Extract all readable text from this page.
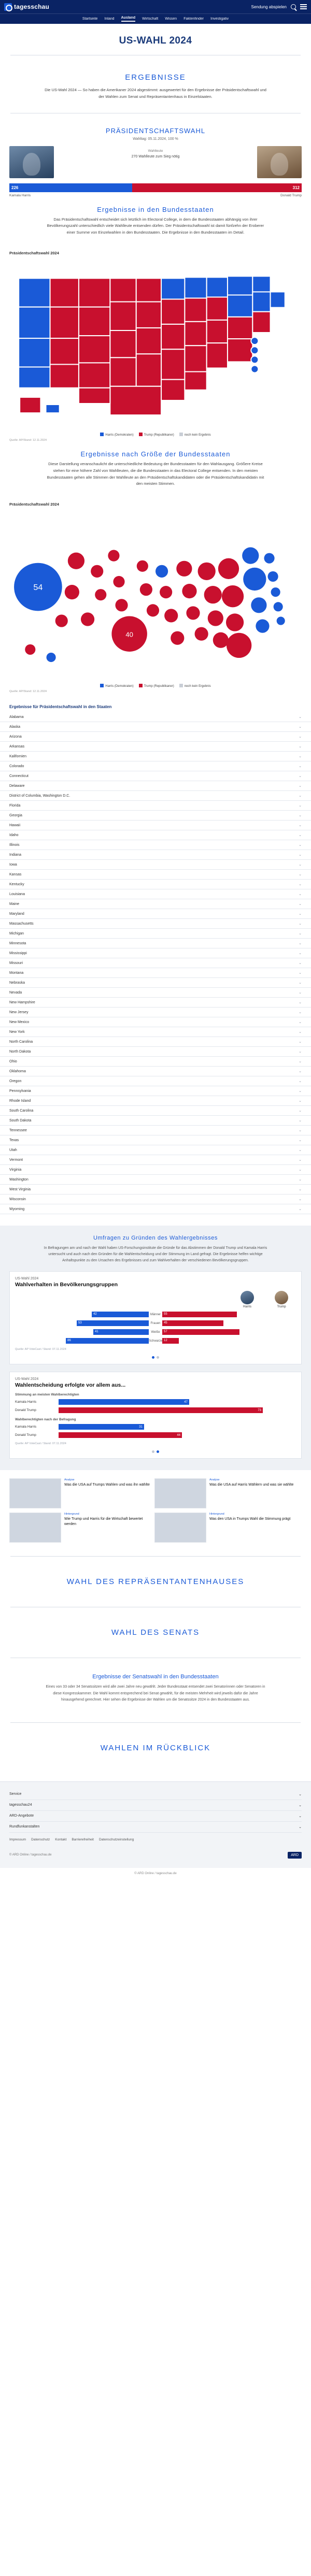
tagesschau	Sendung abspielen
Startseite Inland Ausland Wirtschaft Wissen Faktenfinder Investigativ
US-WAHL 2024
ERGEBNISSE

Die US-Wahl 2024 — So haben die Amerikaner 2024 abgestimmt: ausgewertet für den Ergebnisse der Präsidentschaftswahl und der Wahlen zum Senat und Repräsentantenhaus in Einzelstaaten.

PRÄSIDENTSCHAFTSWAHL
Wahltag: 05.11.2024, 100 %
Wahlleute
270 Wahlleute zum Sieg nötig
226	312
Kamala Harris	Donald Trump
Ergebnisse in den Bundesstaaten

Das Präsidentschaftswahl entscheidet sich letztlich im Electoral College, in dem die Bundesstaaten abhängig von ihrer Bevölkerungszahl unterschiedlich viele Wahlleute entsenden dürfen. Der Präsidentschaftswahl ist damit fünfzehn der Eroberer einer Summe von Einzelwahlen in den Bundesstaaten. Die Ergebnisse in den Bundesstaaten im Detail.

Präsidentschaftswahl 2024
Harris (Demokraten)	Trump (Republikaner)	noch kein Ergebnis
Quelle: AP/Stand: 12.11.2024
Ergebnisse nach Größe der Bundesstaaten

Diese Darstellung veranschaulicht die unterschiedliche Bedeutung der Bundesstaaten für den Wahlausgang. Größere Kreise stehen für eine höhere Zahl von Wahlleuten, die die Bundesstaaten in das Electoral College entsenden. In den meisten Bundesstaaten gehen alle Stimmen der Wahlleute an den Präsidentschaftskandidaten oder die Präsidentschaftskandidatin mit den meisten Stimmen.

Präsidentschaftswahl 2024
54
40
Harris (Demokraten)	Trump (Republikaner)	noch kein Ergebnis
Quelle: AP/Stand: 12.11.2024
Ergebnisse für Präsidentschaftswahl in den Staaten
Alabama	⌄
Alaska	⌄
Arizona	⌄
Arkansas	⌄
Kalifornien	⌄
Colorado	⌄
Connecticut	⌄
Delaware	⌄
District of Columbia, Washington D.C.	⌄
Florida	⌄
Georgia	⌄
Hawaii	⌄
Idaho	⌄
Illinois	⌄
Indiana	⌄
Iowa	⌄
Kansas	⌄
Kentucky	⌄
Louisiana	⌄
Maine	⌄
Maryland	⌄
Massachusetts	⌄
Michigan	⌄
Minnesota	⌄
Mississippi	⌄
Missouri	⌄
Montana	⌄
Nebraska	⌄
Nevada	⌄
New Hampshire	⌄
New Jersey	⌄
New Mexico	⌄
New York	⌄
North Carolina	⌄
North Dakota	⌄
Ohio	⌄
Oklahoma	⌄
Oregon	⌄
Pennsylvania	⌄
Rhode Island	⌄
South Carolina	⌄
South Dakota	⌄
Tennessee	⌄
Texas	⌄
Utah	⌄
Vermont	⌄
Virginia	⌄
Washington	⌄
West Virginia	⌄
Wisconsin	⌄
Wyoming	⌄
Umfragen zu Gründen des Wahlergebnisses
In Befragungen am und nach der Wahl haben US-Forschungsinstitute die Gründe für das Abstimmen der Donald Trump und Kamala Harris untersucht und auch nach den Gründen für die Wahlentscheidung und der Stimmung im Land gefragt. Die Ergebnisse helfen wichtige Anhaltspunkte zu den Ursachen des Ergebnisses und zum Wahlverhalten der verschiedenen Bevölkerungsgruppen.
US-Wahl 2024
Wahlverhalten in Bevölkerungsgruppen
Harris	Trump
42	Männer 55
53	Frauen	45
41	Weiße	57
86	Schwarze 12
Quelle: AP VoteCast / Stand: 07.11.2024
US-Wahl 2024
Wahlentscheidung erfolgte vor allem aus...
Stimmung an meisten Wahlberechtigten
Kamala Harris	47
Donald Trump	73
Wahlberechtigten nach der Befragung
Kamala Harris	31
Donald Trump	44
Quelle: AP VoteCast / Stand: 07.11.2024
Analyse
Was die USA auf Trumps Wahlen und was ihn wählte
Analyse
Was die USA auf Harris Wählern und was sie wählte
Hintergrund
Wie Trump und Harris für die Wirtschaft bewertet werden
Hintergrund
Was den USA in Trumps Wahl die Stimmung prägt
WAHL DES REPRÄSENTANTENHAUSES
WAHL DES SENATS
Ergebnisse der Senatswahl in den Bundesstaaten

Eines von 33 oder 34 Senatssitzen wird alle zwei Jahre neu gewählt. Jeder Bundesstaat entsendet zwei Senatorinnen oder Senatoren in diese Kongresskammer. Die Wahl kommt entsprechend bei Senat gewählt, für die meisten Mehrheit wird jeweils dafür die Jahre hinausgehend gerechnet. Hier sehen die Ergebnisse der Wahlen um die Senatssitze 2024 in den Bundesstaaten aus.

WAHLEN IM RÜCKBLICK
Service	⌄
tagesschau24	⌄
ARD-Angebote	⌄
Rundfunkanstalten	⌄
Impressum Datenschutz Kontakt Barrierefreiheit Datenschutzeinstellung
© ARD Online / tagesschau.de	ARD
© ARD Online / tagesschau.de
